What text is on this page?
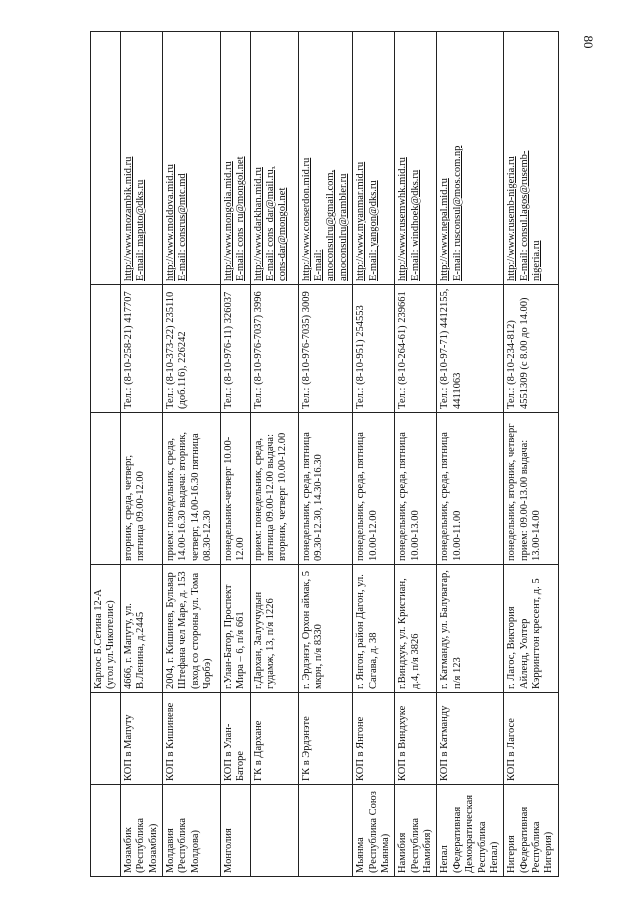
80
		Карлос Б.Сетина 12-А (угол ул.Чикотелис)			
Мозамбик (Республика Мозамбик)	КОП в Мапуту	4666, г. Мапуту, ул. В.Ленина, д.2445	вторник, среда, четверг, пятница 09.00-12.00	Тел.: (8-10-258-21) 417707	http://www.mozambik.mid.ru E-mail: maputo@dks.ru

Молдавия (Республика Молдова)	КОП в Кишиневе	2004, г. Кишинев, Бульвар Штефана чел Маре, д. 153 (вход со стороны ул. Тома Чорбэ)	прием: понедельник, среда, 14.00-16.30 выдача: вторник, четверг, 14.00-16.30 пятница 08.30-12.30	Тел.: (8-10-373-22) 235110 (доб.116), 226242	http://www.moldova.mid.ru E-mail: consrus@mtc.md

Монголия	КОП в Улан-Баторе	г.Улан-Батор, Проспект Мира – 6, п/я 661	понедельник-четверг 10.00-12.00	Тел.: (8-10-976-11) 326037	http://www.mongolia.mid.ru E-mail: cons_ru@mongol.net

	ГК в Дархане	г.Дархан, Залуучудын гудамж, 13, п/я 1226	прием: понедельник, среда, пятница 09.00-12.00 выдача: вторник, четверг 10.00-12.00	Тел.: (8-10-976-7037) 3996	http://www.darkhan.mid.ru E-mail: cons_dar@mail.ru, cons-dar@mongol.net

	ГК в Эрдэнэте	г. Эрдэнэт, Орхон аймак, 5 мкрн, п/я 8330	понедельник, среда, пятница 09.30-12.30, 14.30-16.30	Тел.: (8-10-976-7035) 3009	http://www.conserdon.mid.ru E-mail: amoconsulru@gmail.com, amoconsulru@rambler.ru

Мьянма (Республика Союз Мьянма)	КОП в Янгоне	г. Янгон, район Дагон, ул. Сагава, д. 38	понедельник, среда, пятница 10.00-12.00	Тел.: (8-10-951) 254553	http://www.myanmar.mid.ru E-mail: yangon@dks.ru

Намибия (Республика Намибия)	КОП в Виндхуке	г.Виндхук, ул. Кристиан, д.4, п/я 3826	понедельник, среда, пятница 10.00-13.00	Тел.: (8-10-264-61) 239661	http://www.rusemwhk.mid.ru E-mail: windhoek@dks.ru

Непал (Федеративная Демократическая Республика Непал)	КОП в Катманду	г. Катманду, ул. Балуватар, п/я 123	понедельник, среда, пятница 10.00-11.00	Тел.: (8-10-97-71) 4412155, 4411063	http://www.nepal.mid.ru E-mail: rusconsul@mos.com.np

Нигерия (Федеративная Республика Нигерия)	КОП в Лагосе	г. Лагос, Виктория Айленд, Уолтер Кэррингтон кресент, д. 5	понедельник, вторник, четверг прием: 09.00-13.00 выдача: 13.00-14.00	Тел.: (8-10-234-812) 4551309 (с 8.00 до 14.00)	http://www.rusemb-nigeria.ru E-mail: consul.lagos@rusemb- nigeria.ru
